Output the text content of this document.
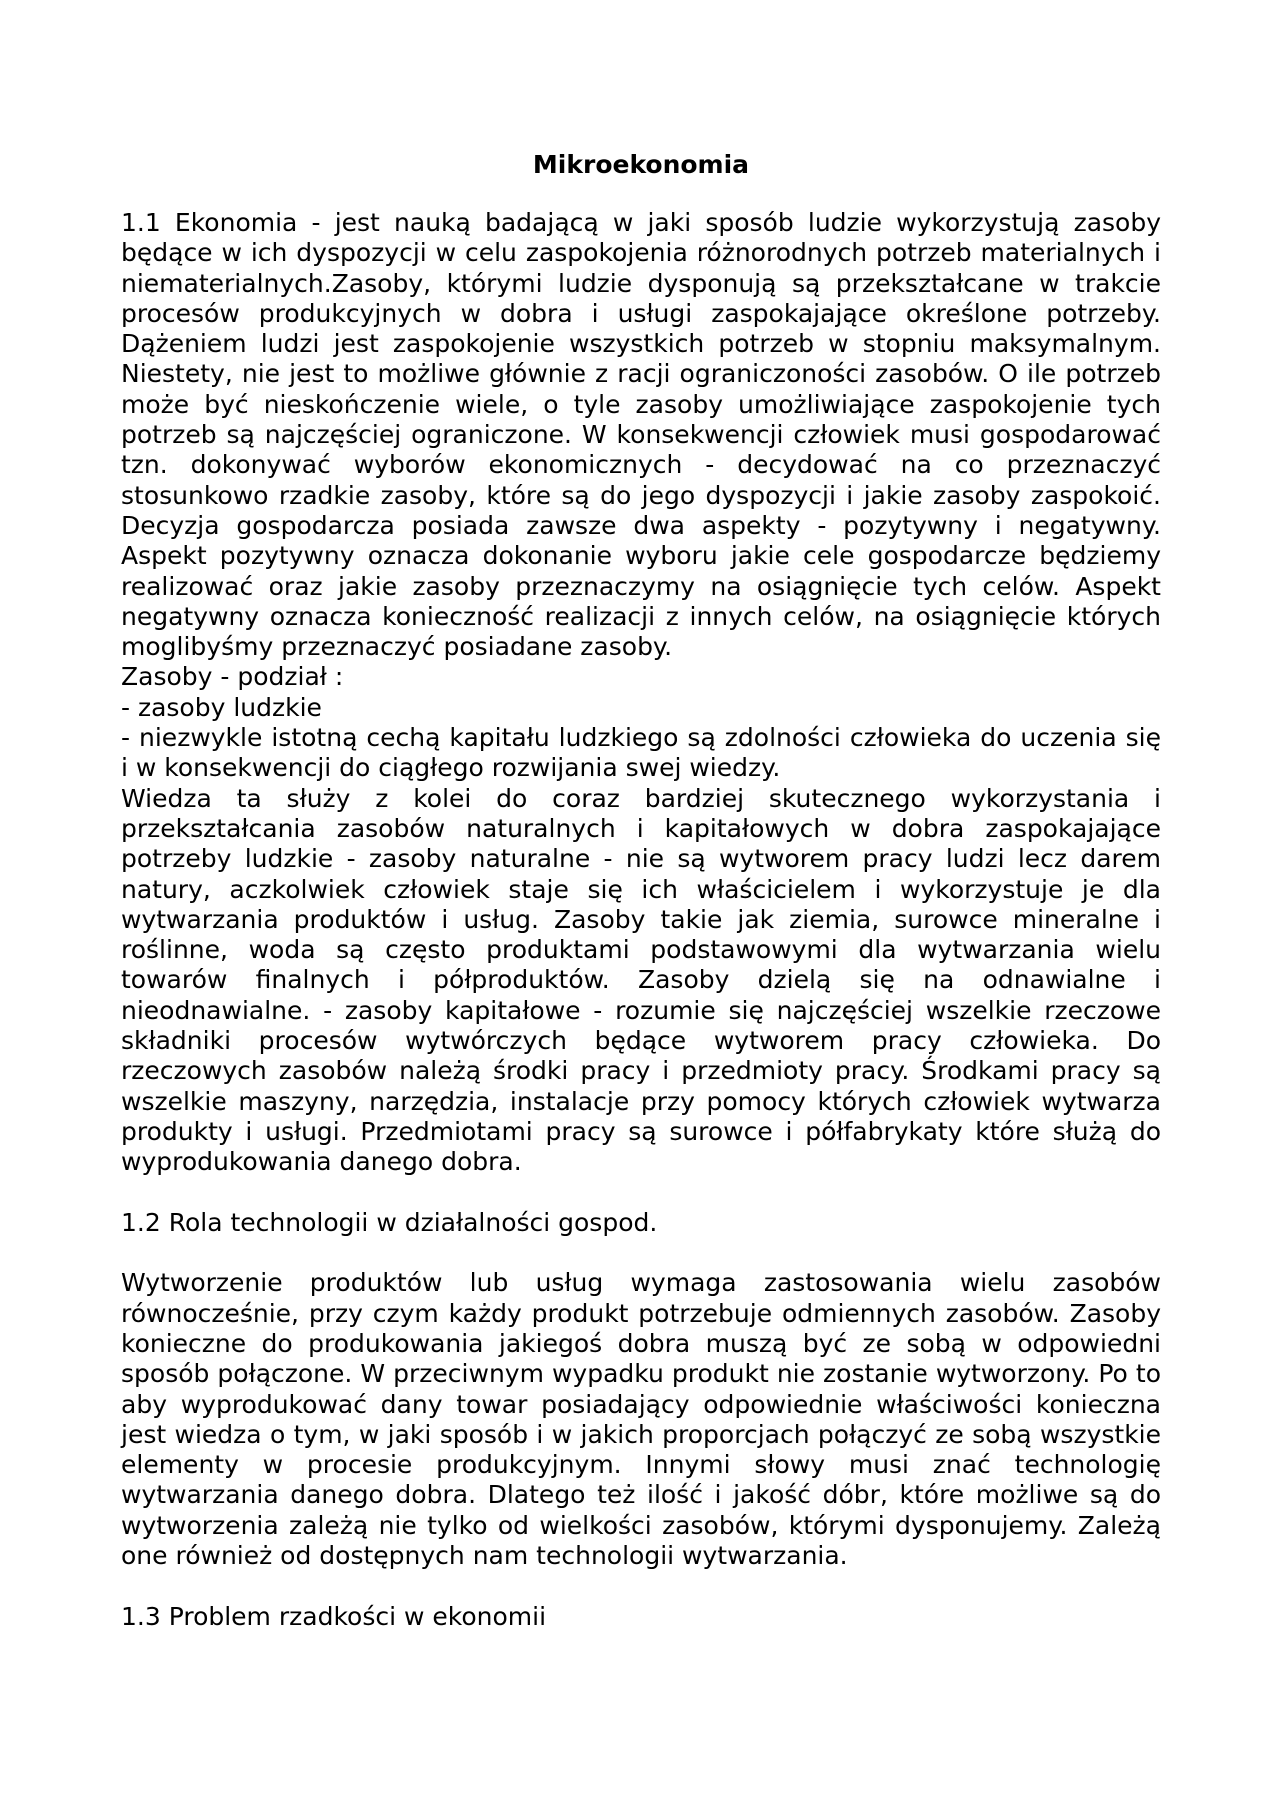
Mikroekonomia

1.1 Ekonomia - jest nauką badającą w jaki sposób ludzie wykorzystują zasoby będące w ich dyspozycji w celu zaspokojenia różnorodnych potrzeb materialnych i niematerialnych.Zasoby, którymi ludzie dysponują są przekształcane w trakcie procesów produkcyjnych w dobra i usługi zaspokajające określone potrzeby. Dążeniem ludzi jest zaspokojenie wszystkich potrzeb w stopniu maksymalnym. Niestety, nie jest to możliwe głównie z racji ograniczoności zasobów. O ile potrzeb może być nieskończenie wiele, o tyle zasoby umożliwiające zaspokojenie tych potrzeb są najczęściej ograniczone. W konsekwencji człowiek musi gospodarować tzn. dokonywać wyborów ekonomicznych - decydować na co przeznaczyć stosunkowo rzadkie zasoby, które są do jego dyspozycji i jakie zasoby zaspokoić. Decyzja gospodarcza posiada zawsze dwa aspekty - pozytywny i negatywny. Aspekt pozytywny oznacza dokonanie wyboru jakie cele gospodarcze będziemy realizować oraz jakie zasoby przeznaczymy na osiągnięcie tych celów. Aspekt negatywny oznacza konieczność realizacji z innych celów, na osiągnięcie których moglibyśmy przeznaczyć posiadane zasoby.

Zasoby - podział :

- zasoby ludzkie

- niezwykle istotną cechą kapitału ludzkiego są zdolności człowieka do uczenia się i w konsekwencji do ciągłego rozwijania swej wiedzy.

Wiedza ta służy z kolei do coraz bardziej skutecznego wykorzystania i przekształcania zasobów naturalnych i kapitałowych w dobra zaspokajające potrzeby ludzkie - zasoby naturalne - nie są wytworem pracy ludzi lecz darem natury, aczkolwiek człowiek staje się ich właścicielem i wykorzystuje je dla wytwarzania produktów i usług. Zasoby takie jak ziemia, surowce mineralne i roślinne, woda są często produktami podstawowymi dla wytwarzania wielu towarów finalnych i półproduktów. Zasoby dzielą się na odnawialne i nieodnawialne. - zasoby kapitałowe - rozumie się najczęściej wszelkie rzeczowe składniki procesów wytwórczych będące wytworem pracy człowieka. Do rzeczowych zasobów należą środki pracy i przedmioty pracy. Środkami pracy są wszelkie maszyny, narzędzia, instalacje przy pomocy których człowiek wytwarza produkty i usługi. Przedmiotami pracy są surowce i półfabrykaty które służą do wyprodukowania danego dobra.

1.2 Rola technologii w działalności gospod.

Wytworzenie produktów lub usług wymaga zastosowania wielu zasobów równocześnie, przy czym każdy produkt potrzebuje odmiennych zasobów. Zasoby konieczne do produkowania jakiegoś dobra muszą być ze sobą w odpowiedni sposób połączone. W przeciwnym wypadku produkt nie zostanie wytworzony. Po to aby wyprodukować dany towar posiadający odpowiednie właściwości konieczna jest wiedza o tym, w jaki sposób i w jakich proporcjach połączyć ze sobą wszystkie elementy w procesie produkcyjnym. Innymi słowy musi znać technologię wytwarzania danego dobra. Dlatego też ilość i jakość dóbr, które możliwe są do wytworzenia zależą nie tylko od wielkości zasobów, którymi dysponujemy. Zależą one również od dostępnych nam technologii wytwarzania.

1.3 Problem rzadkości w ekonomii
